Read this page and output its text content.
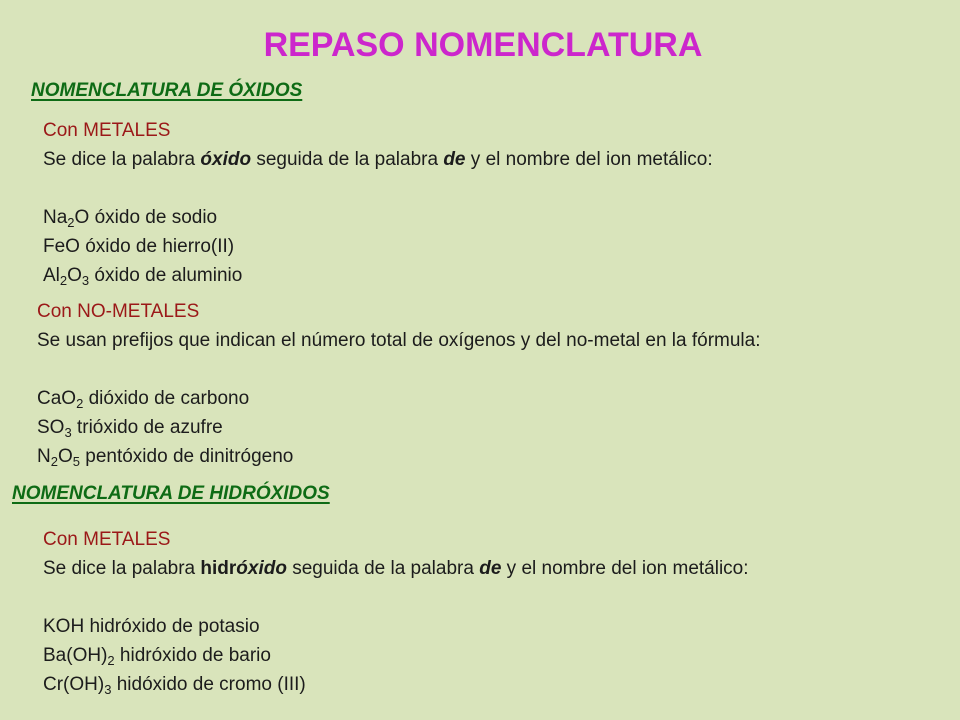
REPASO NOMENCLATURA
NOMENCLATURA DE ÓXIDOS
Con METALES
Se dice la palabra óxido seguida de la palabra de y el nombre del ion metálico:
$Na_2O$ óxido de sodio
FeO óxido de hierro(II)
$Al_2O_3$ óxido de aluminio
Con NO-METALES
Se usan prefijos que indican el número total de oxígenos y del no-metal en la fórmula:
CaO$_2$ dióxido de carbono
$SO_3$ trióxido de azufre
$N_2O_5$ pentóxido de dinitrógeno
NOMENCLATURA DE HIDRÓXIDOS
Con METALES
Se dice la palabra hidróxido seguida de la palabra de y el nombre del ion metálico:
KOH hidróxido de potasio
$Ba(OH)_2$ hidróxido de bario
$Cr(OH)_3$ hidóxido de cromo (III)
